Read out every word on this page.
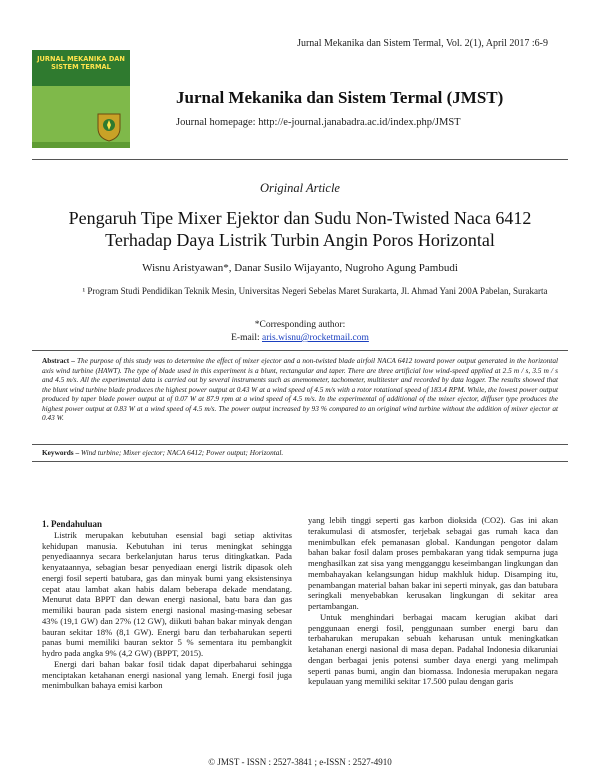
Jurnal Mekanika dan Sistem Termal, Vol. 2(1), April 2017 :6-9
JURNAL MEKANIKA DAN SISTEM TERMAL
Jurnal Mekanika dan Sistem Termal (JMST)
Journal homepage: http://e-journal.janabadra.ac.id/index.php/JMST
Original Article
Pengaruh Tipe Mixer Ejektor dan Sudu Non-Twisted Naca 6412 Terhadap Daya Listrik Turbin Angin Poros Horizontal
Wisnu Aristyawan*, Danar Susilo Wijayanto, Nugroho Agung Pambudi
¹ Program Studi Pendidikan Teknik Mesin, Universitas Negeri Sebelas Maret Surakarta, Jl. Ahmad Yani 200A Pabelan, Surakarta
*Corresponding author:
E-mail: aris.wisnu@rocketmail.com
Abstract – The purpose of this study was to determine the effect of mixer ejector and a non-twisted blade airfoil NACA 6412 toward power output generated in the horizontal axis wind turbine (HAWT). The type of blade used in this experiment is a blunt, rectangular and taper. There are three artificial low wind-speed applied at 2.5 m / s, 3.5 m / s and 4.5 m/s. All the experimental data is carried out by several instruments such as anemometer, tachometer, multitester and recorded by data logger. The results showed that the blunt wind turbine blade produces the highest power output at 0.43 W at a wind speed of 4.5 m/s with a rotor rotational speed of 183.4 RPM. While, the lowest power output produced by taper blade power output at of 0.07 W at 87.9 rpm at a wind speed of 4.5 m/s. In the experimental of additional of the mixer ejector, diffuser type produces the highest power output at 0.83 W at a wind speed of 4.5 m/s. The power output increased by 93 % compared to an original wind turbine without the addition of mixer ejector at 0.43 W.
Keywords – Wind turbine; Mixer ejector; NACA 6412; Power output; Horizontal.

1. Pendahuluan

Listrik merupakan kebutuhan esensial bagi setiap aktivitas kehidupan manusia. Kebutuhan ini terus meningkat sehingga penyediaannya secara berkelanjutan harus terus ditingkatkan. Pada kenyataannya, sebagian besar penyediaan energi listrik dipasok oleh energi fosil seperti batubara, gas dan minyak bumi yang eksistensinya cepat atau lambat akan habis dalam beberapa dekade mendatang. Menurut data BPPT dan dewan energi nasional, batu bara dan gas memiliki bauran pada sistem energi nasional masing-masing sebesar 43% (19,1 GW) dan 27% (12 GW), diikuti bahan bakar minyak dengan bauran sekitar 18% (8,1 GW). Energi baru dan terbaharukan seperti panas bumi memiliki bauran sektor 5 % sementara itu pembangkit hydro pada angka 9% (4,2 GW) (BPPT, 2015).

Energi dari bahan bakar fosil tidak dapat diperbaharui sehingga menciptakan ketahanan energi nasional yang lemah. Energi fosil juga menimbulkan bahaya emisi karbon

yang lebih tinggi seperti gas karbon dioksida (CO2). Gas ini akan terakumulasi di atsmosfer, terjebak sebagai gas rumah kaca dan menimbulkan efek pemanasan global. Kandungan pengotor dalam bahan bakar fosil dalam proses pembakaran yang tidak sempurna juga menghasilkan zat sisa yang mengganggu keseimbangan lingkungan dan membahayakan kelangsungan hidup makhluk hidup. Disamping itu, penambangan material bahan bakar ini seperti minyak, gas dan batubara seringkali menyebabkan kerusakan lingkungan di sekitar area pertambangan.

Untuk menghindari berbagai macam kerugian akibat dari penggunaan energi fosil, penggunaan sumber energi baru dan terbaharukan merupakan sebuah keharusan untuk meningkatkan ketahanan energi nasional di masa depan. Padahal Indonesia dikaruniai dengan berbagai jenis potensi sumber daya energi yang melimpah seperti panas bumi, angin dan biomassa. Indonesia merupakan negara kepulauan yang memiliki sekitar 17.500 pulau dengan garis

© JMST - ISSN : 2527-3841 ; e-ISSN : 2527-4910
